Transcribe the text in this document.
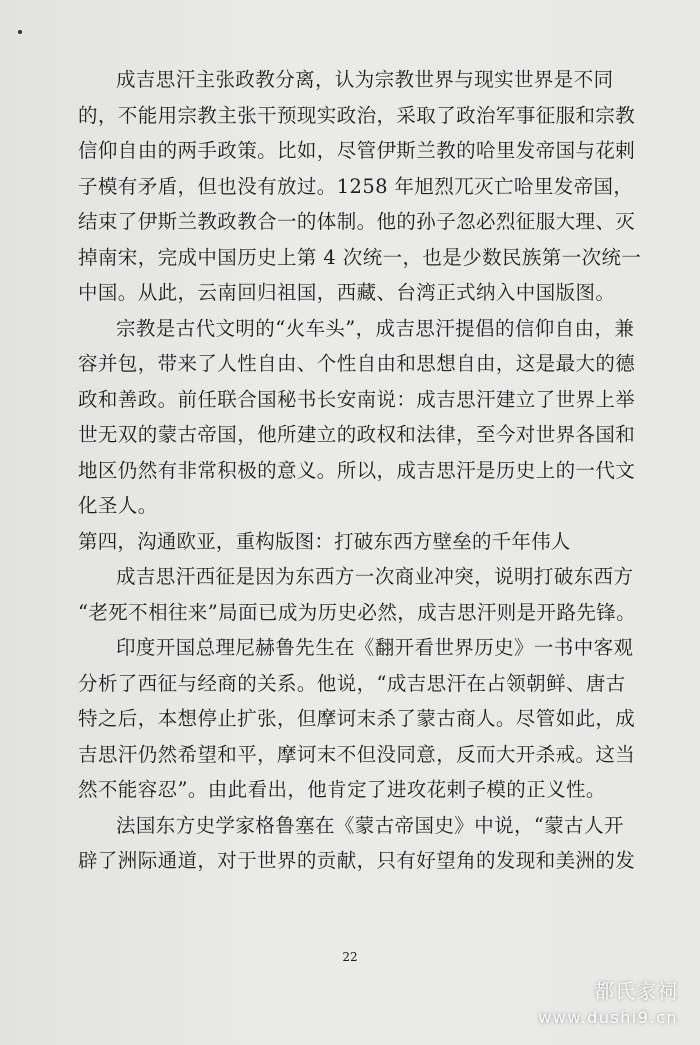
成吉思汗主张政教分离，认为宗教世界与现实世界是不同
的，不能用宗教主张干预现实政治，采取了政治军事征服和宗教
信仰自由的两手政策。比如，尽管伊斯兰教的哈里发帝国与花剌
子模有矛盾，但也没有放过。1258 年旭烈兀灭亡哈里发帝国，
结束了伊斯兰教政教合一的体制。他的孙子忽必烈征服大理、灭
掉南宋，完成中国历史上第 4 次统一，也是少数民族第一次统一
中国。从此，云南回归祖国，西藏、台湾正式纳入中国版图。
宗教是古代文明的“火车头”，成吉思汗提倡的信仰自由，兼
容并包，带来了人性自由、个性自由和思想自由，这是最大的德
政和善政。前任联合国秘书长安南说：成吉思汗建立了世界上举
世无双的蒙古帝国，他所建立的政权和法律，至今对世界各国和
地区仍然有非常积极的意义。所以，成吉思汗是历史上的一代文
化圣人。
第四，沟通欧亚，重构版图：打破东西方壁垒的千年伟人
成吉思汗西征是因为东西方一次商业冲突，说明打破东西方
“老死不相往来”局面已成为历史必然，成吉思汗则是开路先锋。
印度开国总理尼赫鲁先生在《翻开看世界历史》一书中客观
分析了西征与经商的关系。他说，“成吉思汗在占领朝鲜、唐古
特之后，本想停止扩张，但摩诃末杀了蒙古商人。尽管如此，成
吉思汗仍然希望和平，摩诃末不但没同意，反而大开杀戒。这当
然不能容忍”。由此看出，他肯定了进攻花剌子模的正义性。
法国东方史学家格鲁塞在《蒙古帝国史》中说，“蒙古人开
辟了洲际通道，对于世界的贡献，只有好望角的发现和美洲的发
22
都氏家祠
www.dushi9.cn
